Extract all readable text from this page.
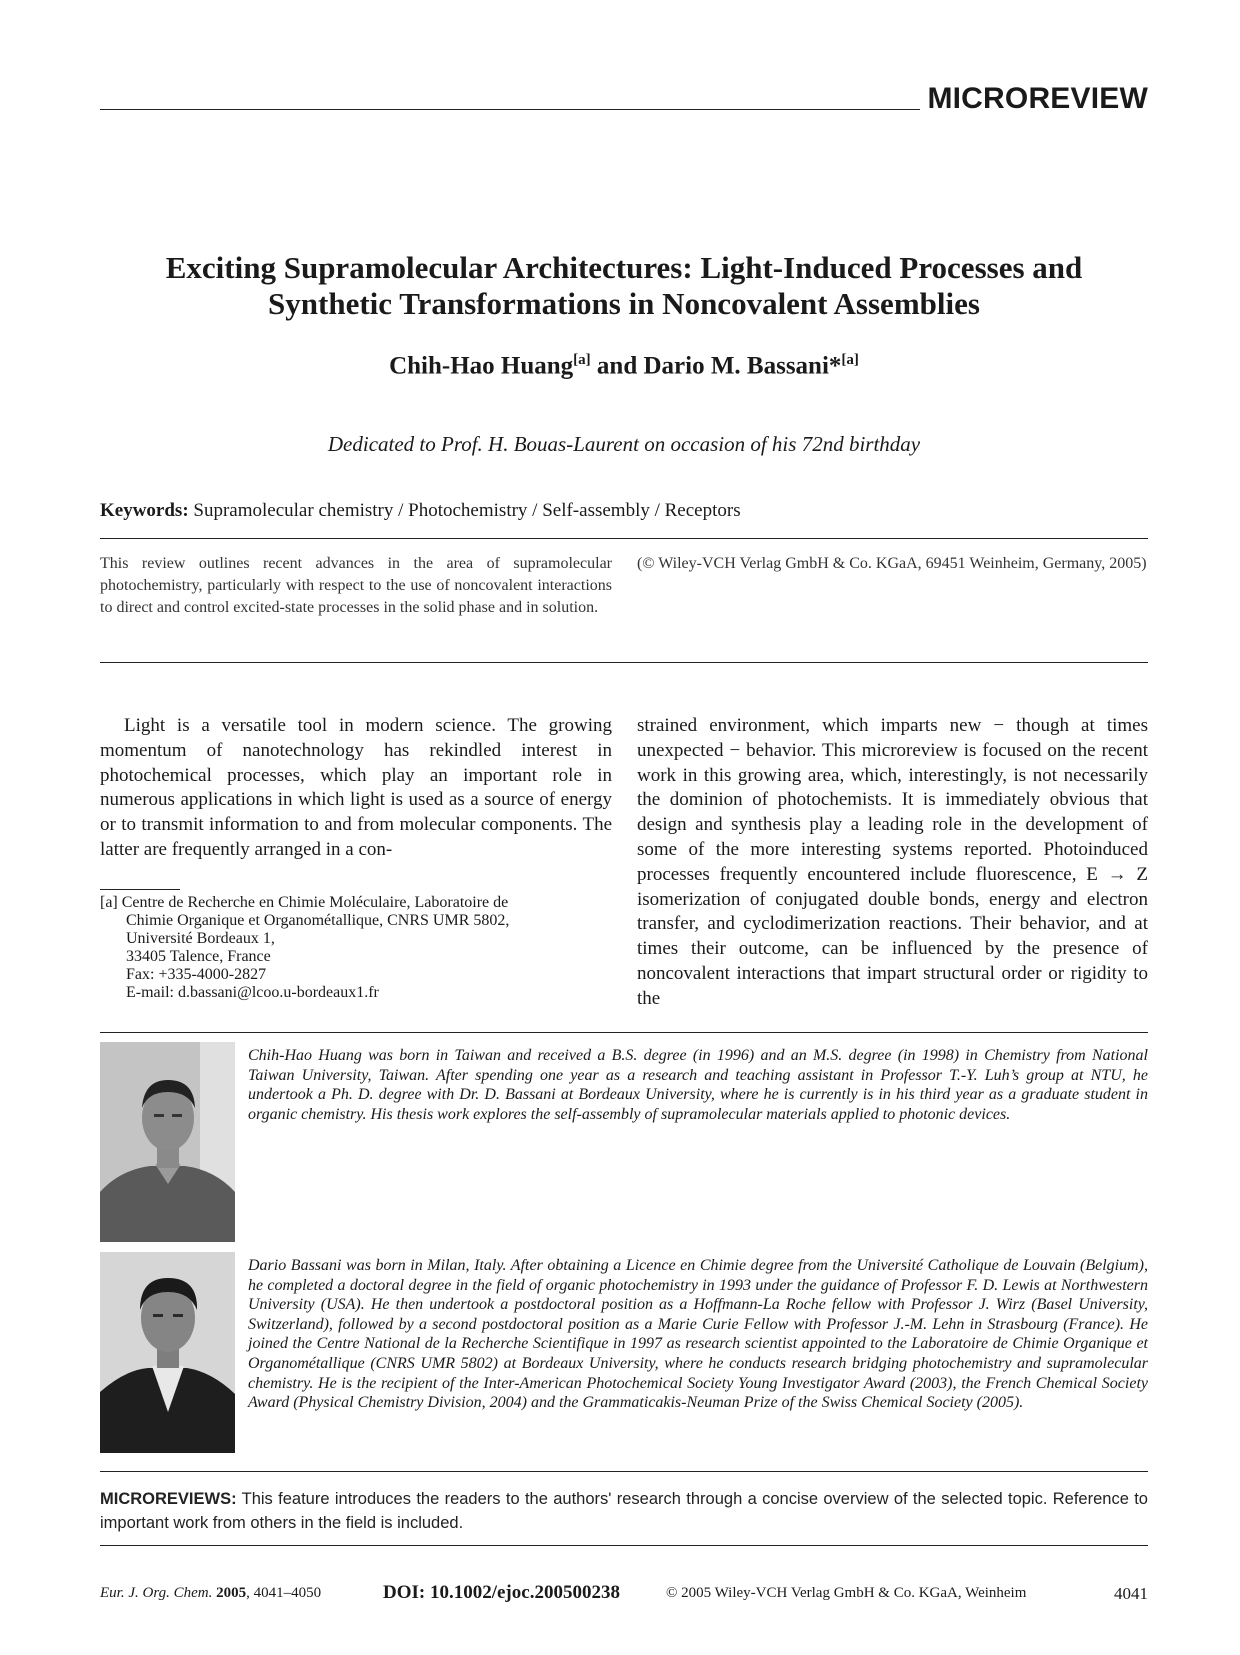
MICROREVIEW
Exciting Supramolecular Architectures: Light-Induced Processes and Synthetic Transformations in Noncovalent Assemblies
Chih-Hao Huang[a] and Dario M. Bassani*[a]
Dedicated to Prof. H. Bouas-Laurent on occasion of his 72nd birthday
Keywords: Supramolecular chemistry / Photochemistry / Self-assembly / Receptors
This review outlines recent advances in the area of supramolecular photochemistry, particularly with respect to the use of noncovalent interactions to direct and control excited-state processes in the solid phase and in solution.
(© Wiley-VCH Verlag GmbH & Co. KGaA, 69451 Weinheim, Germany, 2005)
Light is a versatile tool in modern science. The growing momentum of nanotechnology has rekindled interest in photochemical processes, which play an important role in numerous applications in which light is used as a source of energy or to transmit information to and from molecular components. The latter are frequently arranged in a con-
strained environment, which imparts new − though at times unexpected − behavior. This microreview is focused on the recent work in this growing area, which, interestingly, is not necessarily the dominion of photochemists. It is immediately obvious that design and synthesis play a leading role in the development of some of the more interesting systems reported. Photoinduced processes frequently encountered include fluorescence, E → Z isomerization of conjugated double bonds, energy and electron transfer, and cyclodimerization reactions. Their behavior, and at times their outcome, can be influenced by the presence of noncovalent interactions that impart structural order or rigidity to the
[a] Centre de Recherche en Chimie Moléculaire, Laboratoire de
Chimie Organique et Organométallique, CNRS UMR 5802,
Université Bordeaux 1,
33405 Talence, France
Fax: +335-4000-2827
E-mail: d.bassani@lcoo.u-bordeaux1.fr
Chih-Hao Huang was born in Taiwan and received a B.S. degree (in 1996) and an M.S. degree (in 1998) in Chemistry from National Taiwan University, Taiwan. After spending one year as a research and teaching assistant in Professor T.-Y. Luh’s group at NTU, he undertook a Ph. D. degree with Dr. D. Bassani at Bordeaux University, where he is currently is in his third year as a graduate student in organic chemistry. His thesis work explores the self-assembly of supramolecular materials applied to photonic devices.
Dario Bassani was born in Milan, Italy. After obtaining a Licence en Chimie degree from the Université Catholique de Louvain (Belgium), he completed a doctoral degree in the field of organic photochemistry in 1993 under the guidance of Professor F. D. Lewis at Northwestern University (USA). He then undertook a postdoctoral position as a Hoffmann-La Roche fellow with Professor J. Wirz (Basel University, Switzerland), followed by a second postdoctoral position as a Marie Curie Fellow with Professor J.-M. Lehn in Strasbourg (France). He joined the Centre National de la Recherche Scientifique in 1997 as research scientist appointed to the Laboratoire de Chimie Organique et Organométallique (CNRS UMR 5802) at Bordeaux University, where he conducts research bridging photochemistry and supramolecular chemistry. He is the recipient of the Inter-American Photochemical Society Young Investigator Award (2003), the French Chemical Society Award (Physical Chemistry Division, 2004) and the Grammaticakis-Neuman Prize of the Swiss Chemical Society (2005).
MICROREVIEWS: This feature introduces the readers to the authors' research through a concise overview of the selected topic. Reference to important work from others in the field is included.
Eur. J. Org. Chem. 2005, 4041–4050	DOI: 10.1002/ejoc.200500238	© 2005 Wiley-VCH Verlag GmbH & Co. KGaA, Weinheim	4041
